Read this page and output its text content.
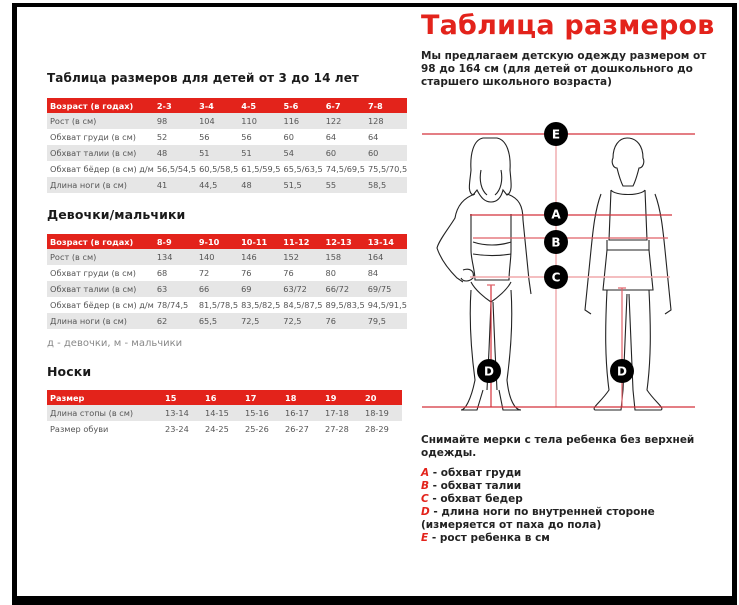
Таблица размеров для детей от 3 до 14 лет
Возраст (в годах)	2-3	3-4	4-5	5-6	6-7	7-8
Рост (в см)	98	104	110	116	122	128
Обхват груди (в см)	52	56	56	60	64	64
Обхват талии (в см)	48	51	51	54	60	60
Обхват бёдер (в см) д/м	56,5/54,5	60,5/58,5	61,5/59,5	65,5/63,5	74,5/69,5	75,5/70,5
Длина ноги (в см)	41	44,5	48	51,5	55	58,5
Девочки/мальчики
Возраст (в годах)	8-9	9-10	10-11	11-12	12-13	13-14
Рост (в см)	134	140	146	152	158	164
Обхват груди (в см)	68	72	76	76	80	84
Обхват талии (в см)	63	66	69	63/72	66/72	69/75
Обхват бёдер (в см) д/м	78/74,5	81,5/78,5	83,5/82,5	84,5/87,5	89,5/83,5	94,5/91,5
Длина ноги (в см)	62	65,5	72,5	72,5	76	79,5
д - девочки, м - мальчики
Носки
Размер	15	16	17	18	19	20
Длина стопы (в см)	13-14	14-15	15-16	16-17	17-18	18-19
Размер обуви	23-24	24-25	25-26	26-27	27-28	28-29
Таблица размеров
Мы предлагаем детскую одежду размером от 98 до 164 см (для детей от дошкольного до старшего школьного возраста)
E
A
B
C
D	D
Снимайте мерки с тела ребенка без верхней одежды.
A - обхват груди
B - обхват талии
C - обхват бедер
D - длина ноги по внутренней стороне
(измеряется от паха до пола)
E - рост ребенка в см
